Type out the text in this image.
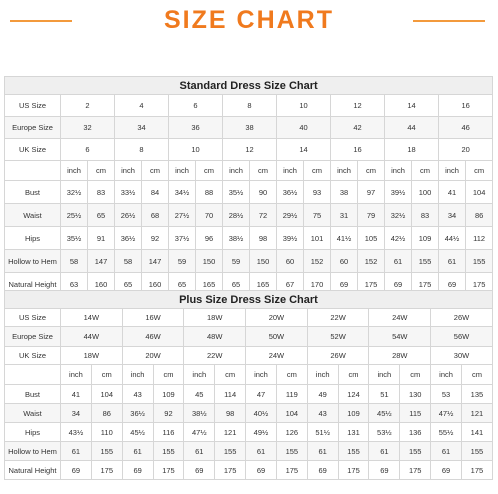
SIZE CHART
Standard Dress Size Chart																
US Size	2		4		6		8		10		12		14		16	
Europe Size	32		34		36		38		40		42		44		46	
UK Size	6		8		10		12		14		16		18		20	
	inch	cm	inch	cm	inch	cm	inch	cm	inch	cm	inch	cm	inch	cm	inch	cm
Bust	32½	83	33½	84	34½	88	35½	90	36½	93	38	97	39½	100	41	104
Waist	25½	65	26½	68	27½	70	28½	72	29½	75	31	79	32½	83	34	86
Hips	35½	91	36½	92	37½	96	38½	98	39½	101	41½	105	42½	109	44½	112
Hollow to Hem	58	147	58	147	59	150	59	150	60	152	60	152	61	155	61	155
Natural Height	63	160	65	160	65	165	65	165	67	170	69	175	69	175	69	175
Plus Size Dress Size Chart														
US Size	14W		16W		18W		20W		22W		24W		26W	
Europe Size	44W		46W		48W		50W		52W		54W		56W	
UK Size	18W		20W		22W		24W		26W		28W		30W	
	inch	cm	inch	cm	inch	cm	inch	cm	inch	cm	inch	cm	inch	cm
Bust	41	104	43	109	45	114	47	119	49	124	51	130	53	135
Waist	34	86	36½	92	38½	98	40½	104	43	109	45½	115	47½	121
Hips	43½	110	45½	116	47½	121	49½	126	51½	131	53½	136	55½	141
Hollow to Hem	61	155	61	155	61	155	61	155	61	155	61	155	61	155
Natural Height	69	175	69	175	69	175	69	175	69	175	69	175	69	175
